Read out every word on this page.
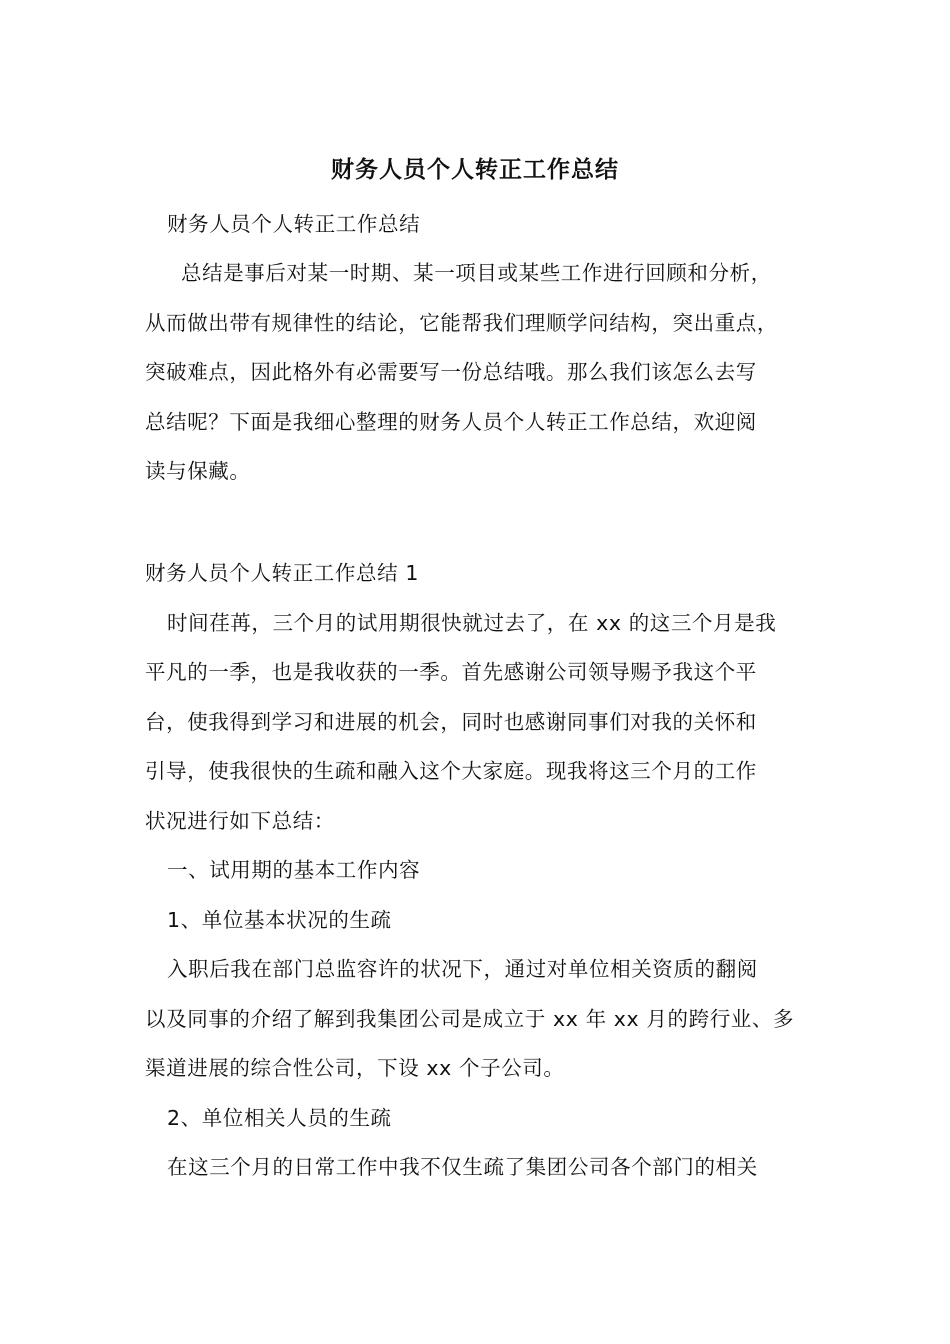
财务人员个人转正工作总结
财务人员个人转正工作总结
总结是事后对某一时期、某一项目或某些工作进行回顾和分析，
从而做出带有规律性的结论，它能帮我们理顺学问结构，突出重点，
突破难点，因此格外有必需要写一份总结哦。那么我们该怎么去写
总结呢？下面是我细心整理的财务人员个人转正工作总结，欢迎阅
读与保藏。
财务人员个人转正工作总结 1
时间荏苒，三个月的试用期很快就过去了，在 xx 的这三个月是我
平凡的一季，也是我收获的一季。首先感谢公司领导赐予我这个平
台，使我得到学习和进展的机会，同时也感谢同事们对我的关怀和
引导，使我很快的生疏和融入这个大家庭。现我将这三个月的工作
状况进行如下总结：
一、试用期的基本工作内容
1、单位基本状况的生疏
入职后我在部门总监容许的状况下，通过对单位相关资质的翻阅
以及同事的介绍了解到我集团公司是成立于 xx 年 xx 月的跨行业、多
渠道进展的综合性公司，下设 xx 个子公司。
2、单位相关人员的生疏
在这三个月的日常工作中我不仅生疏了集团公司各个部门的相关
